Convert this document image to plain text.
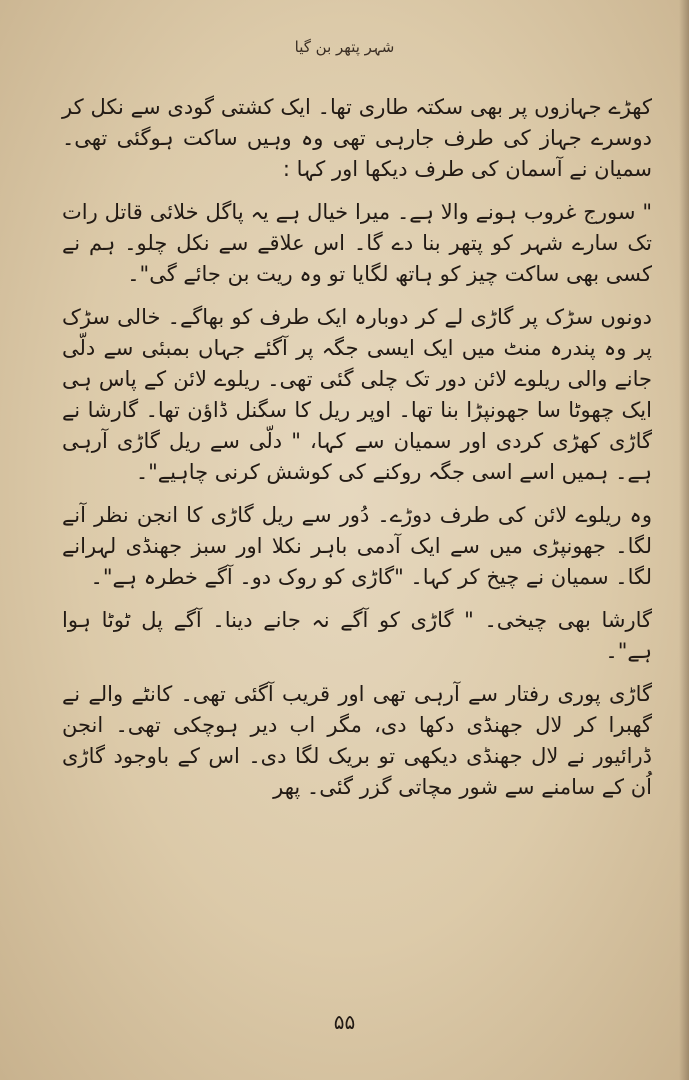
شہر پتھر بن گیا

کھڑے جہازوں پر بھی سکتہ طاری تھا۔ ایک کشتی گودی سے نکل کر دوسرے جہاز کی طرف جارہی تھی وہ وہیں ساکت ہوگئی تھی۔ سمیان نے آسمان کی طرف دیکھا اور کہا :

" سورج غروب ہونے والا ہے۔ میرا خیال ہے یہ پاگل خلائی قاتل رات تک سارے شہر کو پتھر بنا دے گا۔ اس علاقے سے نکل چلو۔ ہم نے کسی بھی ساکت چیز کو ہاتھ لگایا تو وہ ریت بن جائے گی"۔

دونوں سڑک پر گاڑی لے کر دوبارہ ایک طرف کو بھاگے۔ خالی سڑک پر وہ پندرہ منٹ میں ایک ایسی جگہ پر آگئے جہاں بمبئی سے دلّی جانے والی ریلوے لائن دور تک چلی گئی تھی۔ ریلوے لائن کے پاس ہی ایک چھوٹا سا جھونپڑا بنا تھا۔ اوپر ریل کا سگنل ڈاؤن تھا۔ گارشا نے گاڑی کھڑی کردی اور سمیان سے کہا، " دلّی سے ریل گاڑی آرہی ہے۔ ہمیں اسے اسی جگہ روکنے کی کوشش کرنی چاہیے"۔

وہ ریلوے لائن کی طرف دوڑے۔ دُور سے ریل گاڑی کا انجن نظر آنے لگا۔ جھونپڑی میں سے ایک آدمی باہر نکلا اور سبز جھنڈی لہرانے لگا۔ سمیان نے چیخ کر کہا۔ "گاڑی کو روک دو۔ آگے خطرہ ہے"۔

گارشا بھی چیخی۔ " گاڑی کو آگے نہ جانے دینا۔ آگے پل ٹوٹا ہوا ہے"۔

گاڑی پوری رفتار سے آرہی تھی اور قریب آگئی تھی۔ کانٹے والے نے گھبرا کر لال جھنڈی دکھا دی، مگر اب دیر ہوچکی تھی۔ انجن ڈرائیور نے لال جھنڈی دیکھی تو بریک لگا دی۔ اس کے باوجود گاڑی اُن کے سامنے سے شور مچاتی گزر گئی۔ پھر

۵۵
